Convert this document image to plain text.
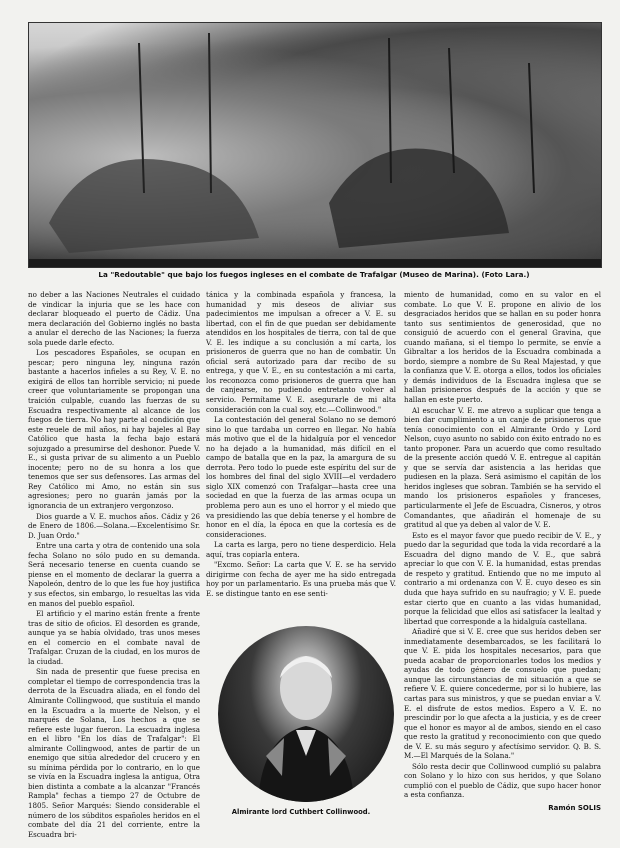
La "Redoutable" que bajo los fuegos ingleses en el combate de Trafalgar (Museo de Marina). (Foto Lara.)

no deber a las Naciones Neutrales el cuidado de vindicar la injuria que se les hace con declarar bloqueado el puerto de Cádiz. Una mera declaración del Gobierno inglés no basta a anular el derecho de las Naciones; la fuerza sola puede darle efecto.

Los pescadores Españoles, se ocupan en pescar; pero ninguna ley, ninguna razón bastante a hacerlos infieles a su Rey, V. E. no exigirá de ellos tan horrible servicio; ni puede creer que voluntariamente se propongan una traición culpable, cuando las fuerzas de su Escuadra respectivamente al alcance de los fuegos de tierra. No hay parte al condición que este reuele de mil años, ni hay bajeles al Bay Católico que hasta la fecha bajo estará sojuzgado a presumirse del deshonor. Puede V. E., si gusta privar de su alimento a un Pueblo inocente; pero no de su honra a los que tenemos que ser sus defensores. Las armas del Rey Católico mi Amo, no están sin sus agresiones; pero no guarán jamás por la ignorancia de un extranjero vergonzoso.

Dios guarde a V. E. muchos años. Cádiz y 26 de Enero de 1806.—Solana.—Excelentísimo Sr. D. Juan Ordo."

Entre una carta y otra de contenido una sola fecha Solano no sólo pudo en su demanda. Será necesario tenerse en cuenta cuando se piense en el momento de declarar la guerra a Napoleón, dentro de lo que les fue hoy justifica y sus efectos, sin embargo, lo resueltas las vida en manos del pueblo español.

El artificio y el marino están frente a frente tras de sitio de oficios. El desorden es grande, aunque ya se había olvidado, tras unos meses en el comercio en el combate naval de Trafalgar. Cruzan de la ciudad, en los muros de la ciudad.

Sin nada de presentir que fuese precisa en completar el tiempo de correspondencia tras la derrota de la Escuadra aliada, en el fondo del Almirante Collingwood, que sustituía el mando en la Escuadra a la muerte de Nelson, y el marqués de Solana, Los hechos a que se refiere este lugar fueron. La escuadra inglesa en el libro "En los días de Trafalgar": El almirante Collingwood, antes de partir de un enemigo que sitúa alrededor del crucero y en su mínima pérdida por lo contrario, en lo que se vivía en la Escuadra inglesa la antigua, Otra bien distinta a combate a la alcanzar "Francés Rampla" fechas a tiempo 27 de Octubre de 1805. Señor Marqués: Siendo considerable el número de los súbditos españoles heridos en el combate del día 21 del corriente, entre la Escuadra bri-

tánica y la combinada española y francesa, la humanidad y mis deseos de aliviar sus padecimientos me impulsan a ofrecer a V. E. su libertad, con el fin de que puedan ser debidamente atendidos en los hospitales de tierra, con tal de que V. E. les indique a su conclusión a mí carta, los prisioneros de guerra que no han de combatir. Un oficial será autorizado para dar recibo de su entrega, y que V. E., en su contestación a mi carta, los reconozca como prisioneros de guerra que han de canjearse, no pudiendo entretanto volver al servicio. Permítame V. E. asegurarle de mi alta consideración con la cual soy, etc.—Collinwood."

La contestación del general Solano no se demoró sino lo que tardaba un correo en llegar. No había más motivo que el de la hidalguía por el vencedor no ha dejado a la humanidad, más difícil en el campo de batalla que en la paz, la amargura de su derrota. Pero todo lo puede este espíritu del sur de los hombres del final del siglo XVIII—el verdadero siglo XIX comenzó con Trafalgar—hasta cree una sociedad en que la fuerza de las armas ocupa un problema pero aun es uno el horror y el miedo que va presidiendo las que debía tenerse y el hombre de honor en el día, la época en que la cortesía es de consideraciones.

La carta es larga, pero no tiene desperdicio. Hela aquí, tras copiarla entera.

"Excmo. Señor: La carta que V. E. se ha servido dirigirme con fecha de ayer me ha sido entregada hoy por un parlamentario. Es una prueba más que V. E. se distingue tanto en ese senti-

miento de humanidad, como en su valor en el combate. Lo que V. E. propone en alivio de los desgraciados heridos que se hallan en su poder honra tanto sus sentimientos de generosidad, que no consiguió de acuerdo con el general Gravina, que cuando mañana, si el tiempo lo permite, se envíe a Gibraltar a los heridos de la Escuadra combinada a bordo, siempre a nombre de Su Real Majestad, y que la confianza que V. E. otorga a ellos, todos los oficiales y demás individuos de la Escuadra inglesa que se hallan prisioneros después de la acción y que se hallan en este puerto.

Al escuchar V. E. me atrevo a suplicar que tenga a bien dar cumplimiento a un canje de prisioneros que tenía conocimiento con el Almirante Ordo y Lord Nelson, cuyo asunto no sabido con éxito entrado no es tanto proponer. Para un acuerdo que como resultado de la presente acción quedó V. E. entregue al capitán y que se servía dar asistencia a las heridas que pudiesen en la plaza. Será asimismo el capitán de los heridos ingleses que sobran. También se ha servido el mando los prisioneros españoles y franceses, particularmente el Jefe de Escuadra, Cisneros, y otros Comandantes, que añadirán el homenaje de su gratitud al que ya deben al valor de V. E.

Esto es el mayor favor que puedo recibir de V. E., y puedo dar la seguridad que toda la vida recordaré a la Escuadra del digno mando de V. E., que sabrá apreciar lo que con V. E. la humanidad, estas prendas de respeto y gratitud. Entiendo que no me imputo al contrario a mi ordenanza con V. E. cuyo deseo es sin duda que haya sufrido en su naufragio; y V. E. puede estar cierto que en cuanto a las vidas humanidad, porque la felicidad que ellos así satisfacer la lealtad y libertad que corresponde a la hidalguía castellana.

Añadiré que si V. E. cree que sus heridos deben ser inmediatamente desembarcados, se les facilitará lo que V. E. pida los hospitales necesarios, para que pueda acabar de proporcionarles todos los medios y ayudas de todo género de consuelo que puedan; aunque las circunstancias de mi situación a que se refiere V. E. quiere concederme, por si lo hubiere, las cartas para sus ministros, y que se puedan enviar a V. E. el disfrute de estos medios. Espero a V. E. no prescindir por lo que afecta a la justicia, y es de creer que el honor es mayor al de ambos, siendo en el caso que resto la gratitud y reconocimiento con que quedo de V. E. su más seguro y afectísimo servidor. Q. B. S. M.—El Marqués de la Solana."

Sólo resta decir que Collinwood cumplió su palabra con Solano y lo hizo con sus heridos, y que Solano cumplió con el pueblo de Cádiz, que supo hacer honor a esta confianza.

Ramón SOLIS
Almirante lord Cuthbert Collinwood.
